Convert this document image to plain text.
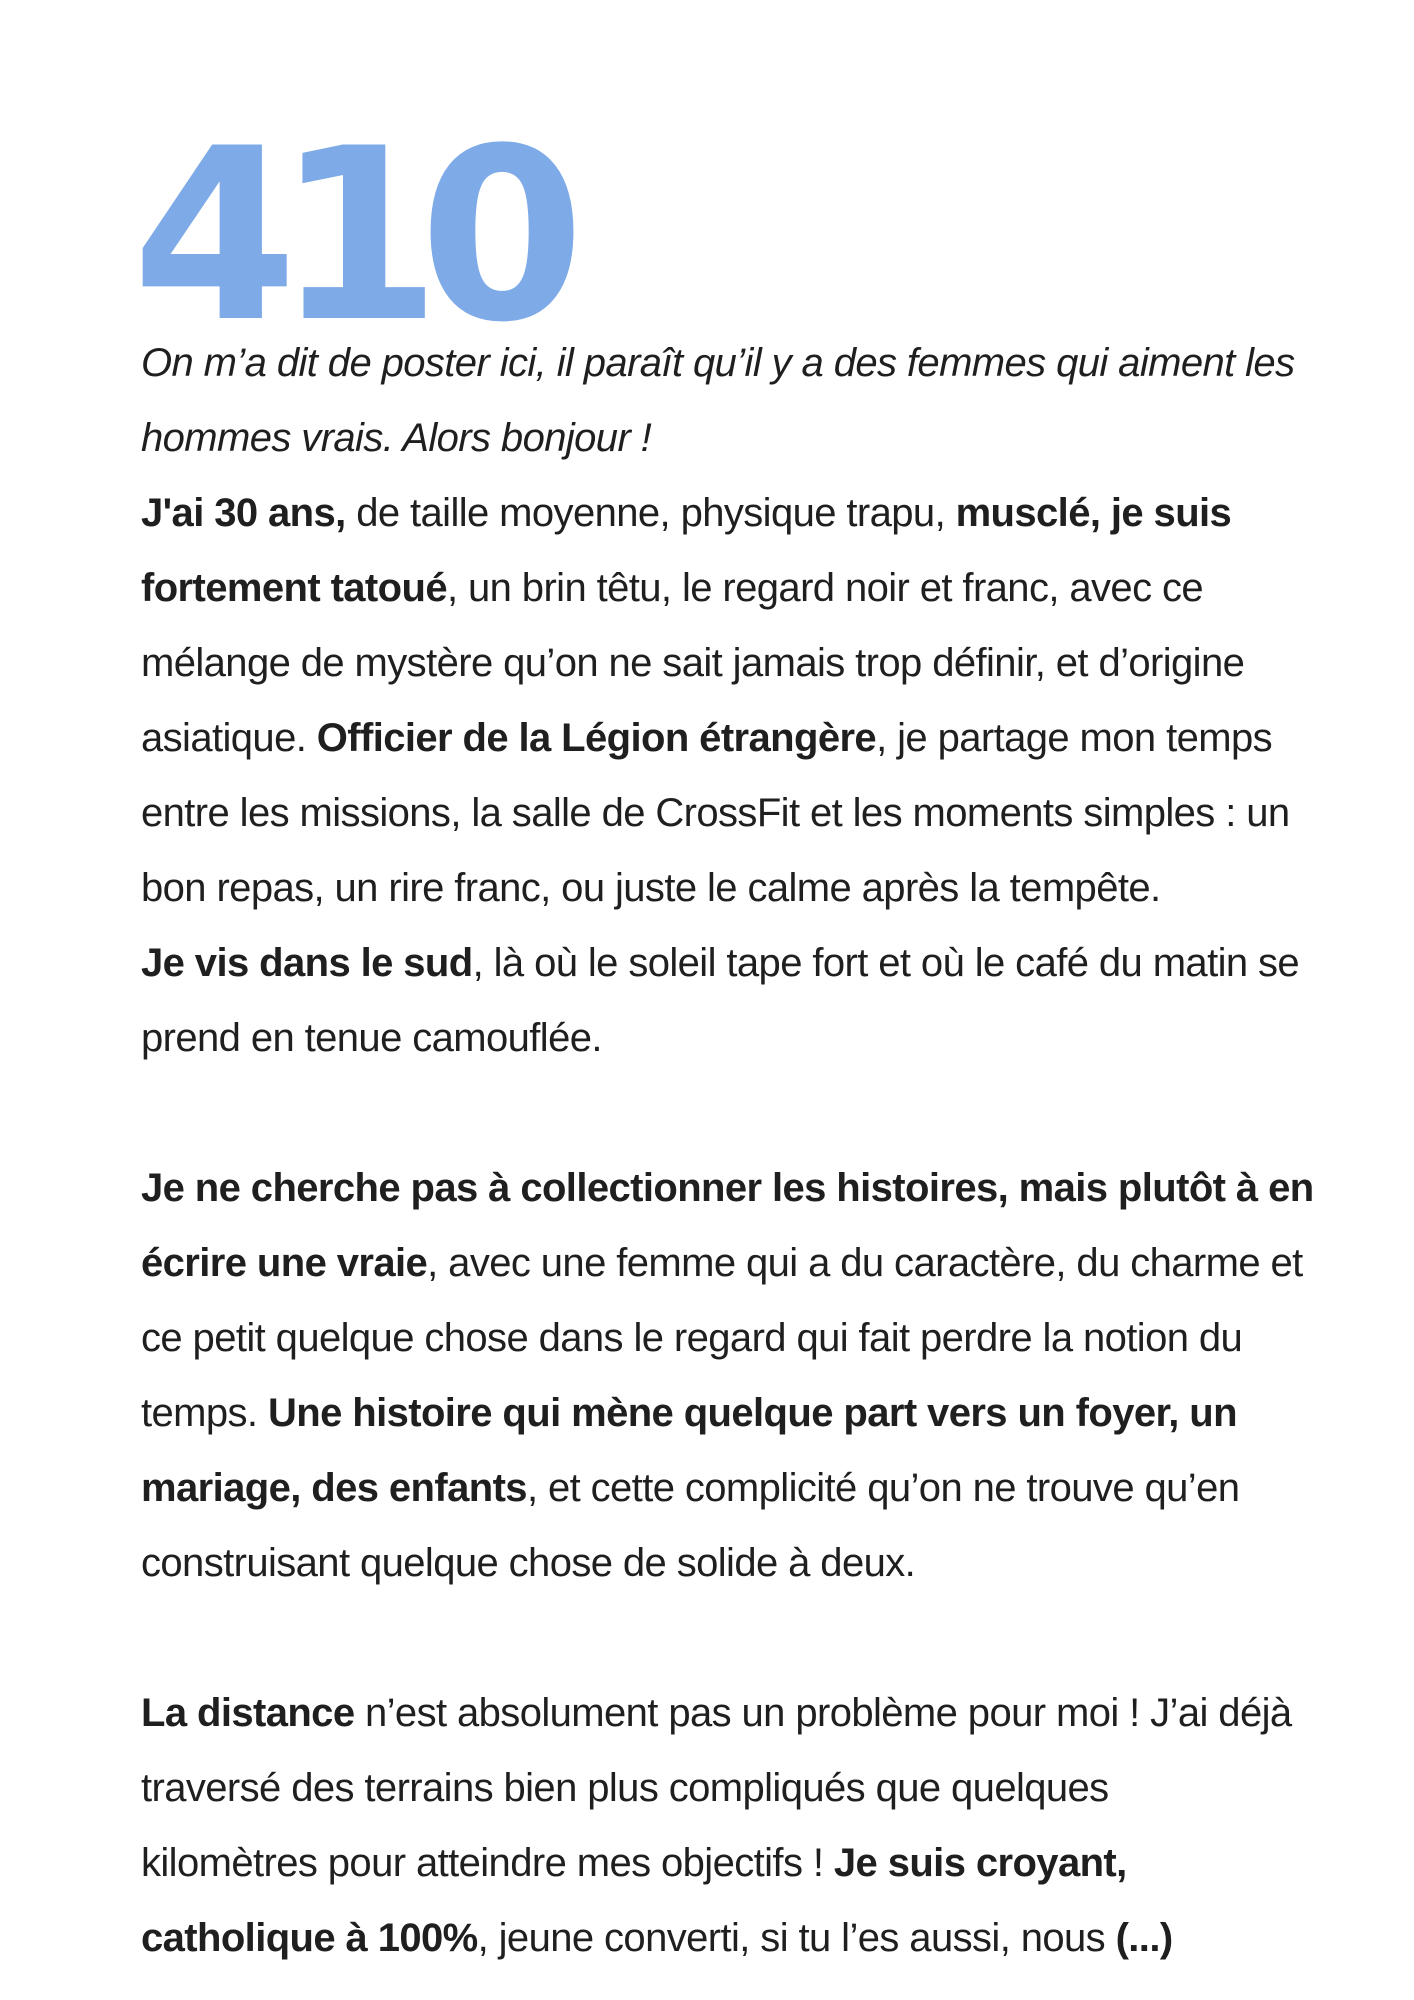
410

On m’a dit de poster ici, il paraît qu’il y a des femmes qui aiment les

hommes vrais. Alors bonjour !

J'ai 30 ans, de taille moyenne, physique trapu, musclé, je suis

fortement tatoué, un brin têtu, le regard noir et franc, avec ce

mélange de mystère qu’on ne sait jamais trop définir, et d’origine

asiatique. Officier de la Légion étrangère, je partage mon temps

entre les missions, la salle de CrossFit et les moments simples : un

bon repas, un rire franc, ou juste le calme après la tempête.

Je vis dans le sud, là où le soleil tape fort et où le café du matin se

prend en tenue camouflée.

Je ne cherche pas à collectionner les histoires, mais plutôt à en

écrire une vraie, avec une femme qui a du caractère, du charme et

ce petit quelque chose dans le regard qui fait perdre la notion du

temps. Une histoire qui mène quelque part vers un foyer, un

mariage, des enfants, et cette complicité qu’on ne trouve qu’en

construisant quelque chose de solide à deux.

La distance n’est absolument pas un problème pour moi ! J’ai déjà

traversé des terrains bien plus compliqués que quelques

kilomètres pour atteindre mes objectifs ! Je suis croyant,

catholique à 100%, jeune converti, si tu l’es aussi, nous (...)
